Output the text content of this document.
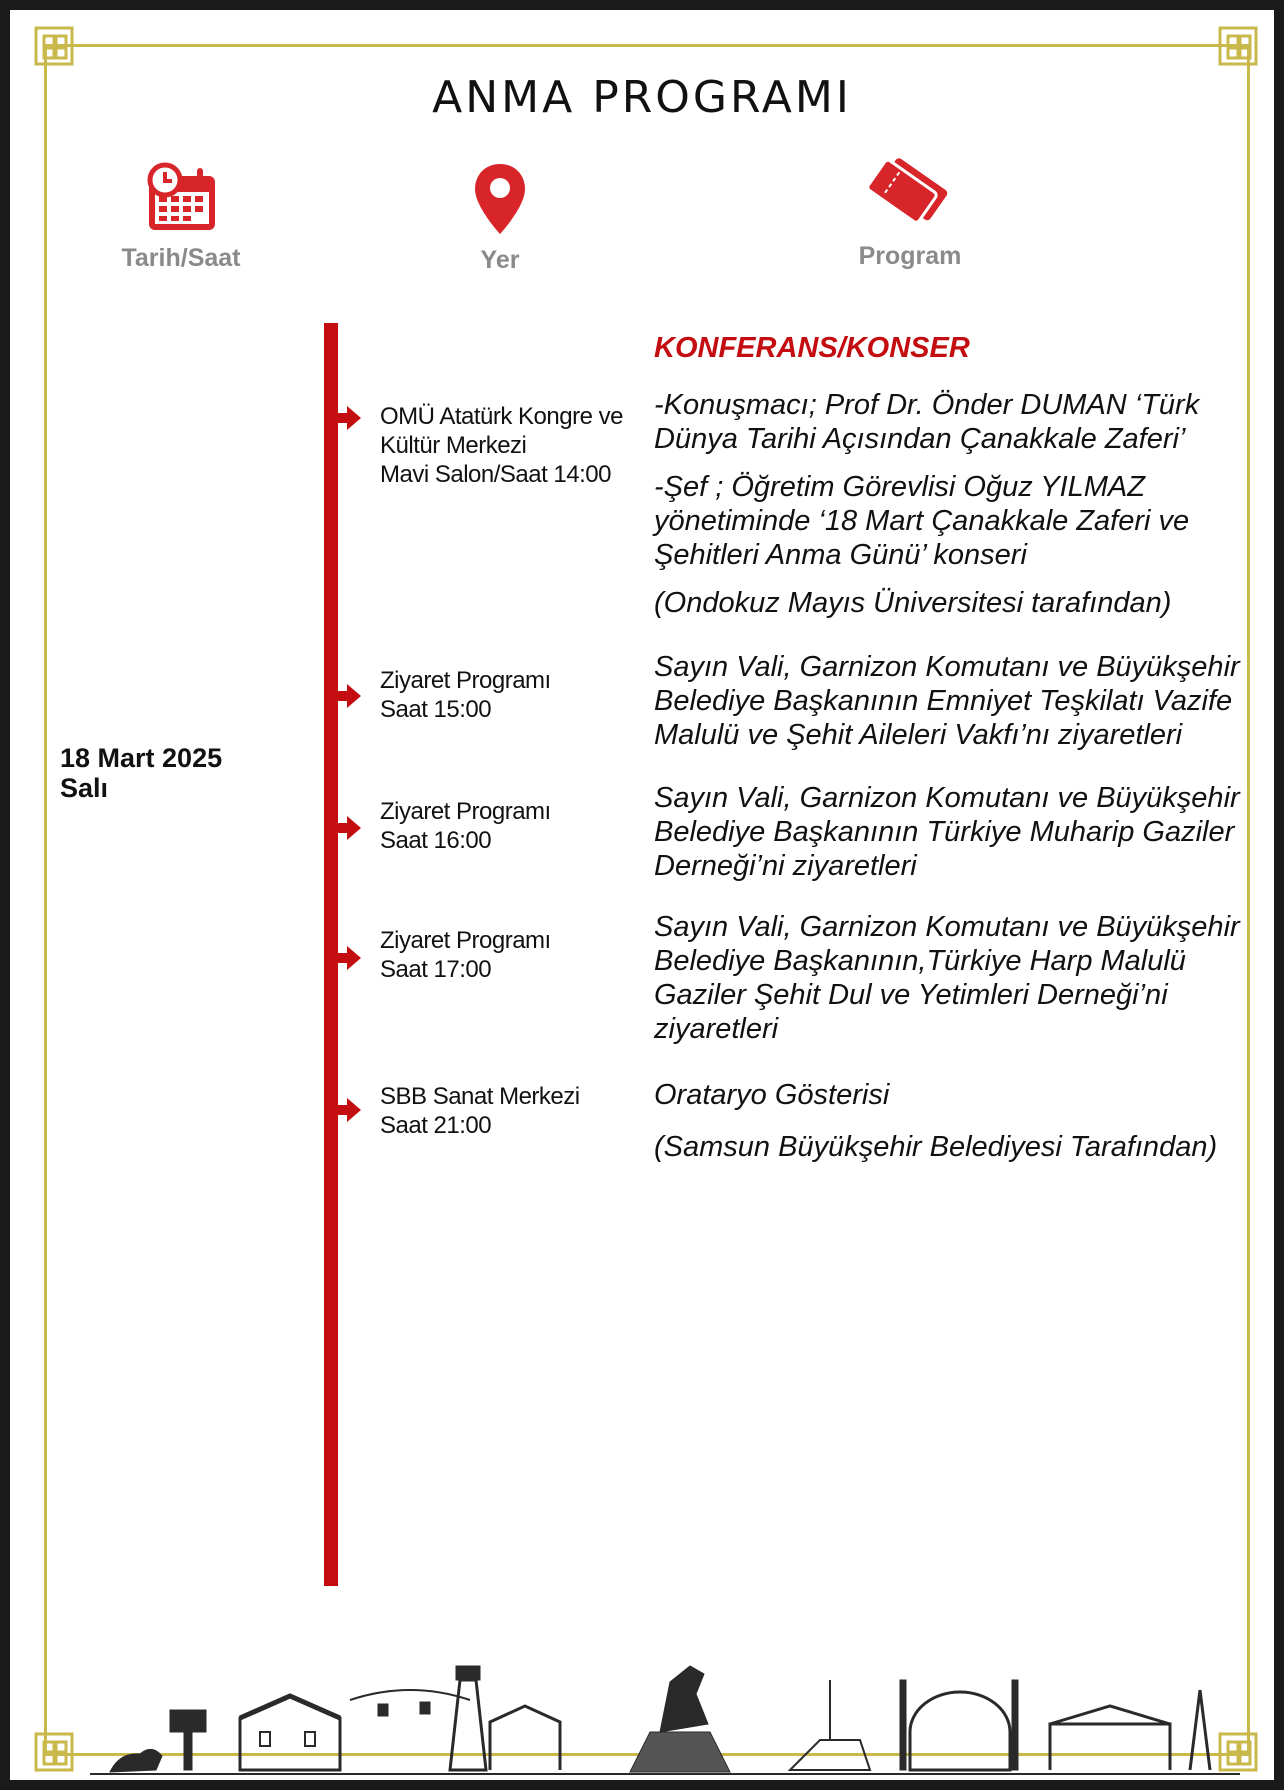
ANMA PROGRAMI
Tarih/Saat	Yer	Program
18 Mart 2025
Salı
OMÜ Atatürk Kongre ve
Kültür Merkezi
Mavi Salon/Saat 14:00
Ziyaret Programı
Saat 15:00
Ziyaret Programı
Saat 16:00
Ziyaret Programı
Saat 17:00
SBB Sanat Merkezi
Saat 21:00
KONFERANS/KONSER
-Konuşmacı; Prof Dr. Önder DUMAN ‘Türk Dünya Tarihi Açısından Çanakkale Zaferi’
-Şef ; Öğretim Görevlisi Oğuz YILMAZ yönetiminde ‘18 Mart Çanakkale Zaferi ve Şehitleri Anma Günü’ konseri
(Ondokuz Mayıs Üniversitesi tarafından)
Sayın Vali, Garnizon Komutanı ve Büyükşehir Belediye Başkanının Emniyet Teşkilatı Vazife Malulü ve Şehit Aileleri Vakfı’nı ziyaretleri
Sayın Vali, Garnizon Komutanı ve Büyükşehir Belediye Başkanının Türkiye Muharip Gaziler Derneği’ni ziyaretleri
Sayın Vali, Garnizon Komutanı ve Büyükşehir Belediye Başkanının,Türkiye Harp Malulü Gaziler Şehit Dul ve Yetimleri Derneği’ni ziyaretleri
Orataryo Gösterisi
(Samsun Büyükşehir Belediyesi Tarafından)
